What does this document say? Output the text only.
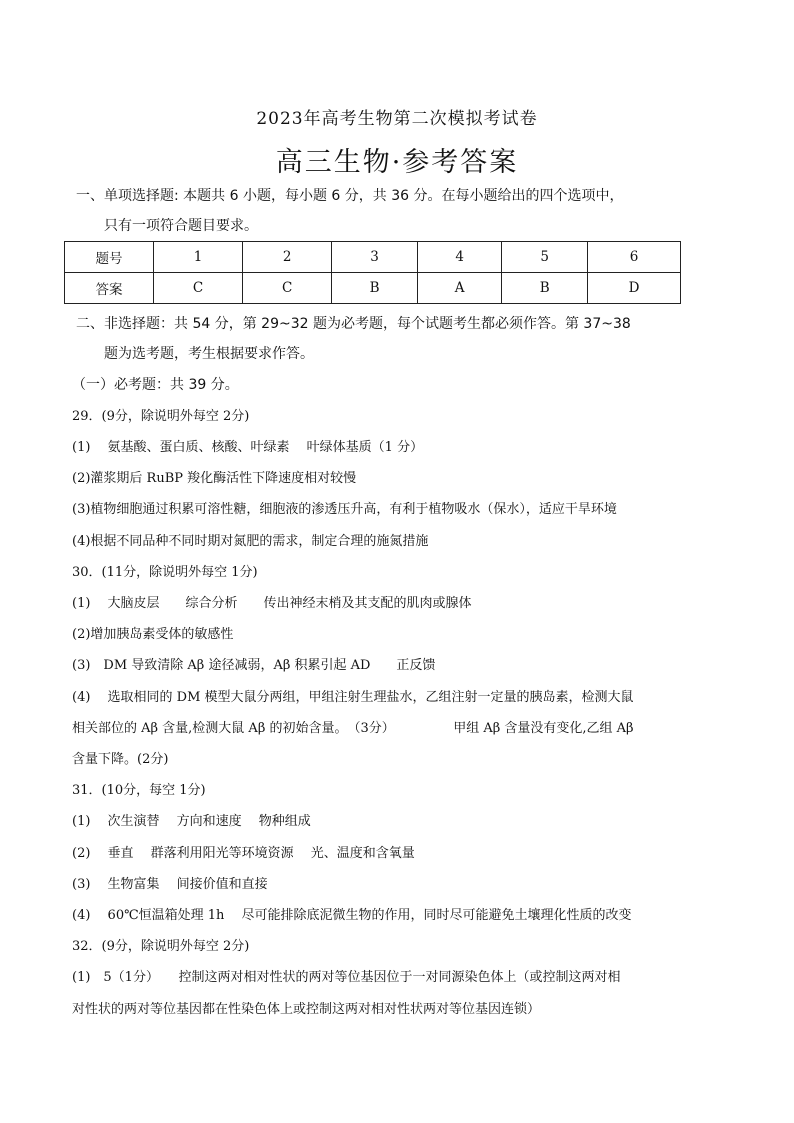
2023年高考生物第二次模拟考试卷
高三生物·参考答案
一、单项选择题: 本题共 6 小题，每小题 6 分，共 36 分。在每小题给出的四个选项中，
只有一项符合题目要求。
题号	1	2	3	4	5	6
答案	C	C	B	A	B	D
二、非选择题：共 54 分，第 29~32 题为必考题，每个试题考生都必须作答。第 37~38
题为选考题，考生根据要求作答。
（一）必考题：共 39 分。
29．(9分，除说明外每空 2分)
(1)　 氨基酸、蛋白质、核酸、叶绿素　 叶绿体基质（1 分）
(2)灌浆期后 RuBP 羧化酶活性下降速度相对较慢
(3)植物细胞通过积累可溶性糖，细胞液的渗透压升高，有利于植物吸水（保水），适应干旱环境
(4)根据不同品种不同时期对氮肥的需求，制定合理的施氮措施
30．(11分，除说明外每空 1分)
(1)　 大脑皮层　　综合分析　　传出神经末梢及其支配的肌肉或腺体
(2)增加胰岛素受体的敏感性
(3)　DM 导致清除 Aβ 途径减弱，Aβ 积累引起 AD　　正反馈
(4)　 选取相同的 DM 模型大鼠分两组，甲组注射生理盐水，乙组注射一定量的胰岛素，检测大鼠
相关部位的 Aβ 含量,检测大鼠 Aβ 的初始含量。　（3分）　　　　　甲组 Aβ 含量没有变化,乙组 Aβ
含量下降。(2分)
31．(10分，每空 1分)
(1)　 次生演替　 方向和速度　 物种组成
(2)　 垂直　 群落利用阳光等环境资源　 光、温度和含氧量
(3)　 生物富集　 间接价值和直接
(4)　 60℃恒温箱处理 1h　 尽可能排除底泥微生物的作用，同时尽可能避免土壤理化性质的改变
32．(9分，除说明外每空 2分)
(1)　5（1分）　　控制这两对相对性状的两对等位基因位于一对同源染色体上（或控制这两对相
对性状的两对等位基因都在性染色体上或控制这两对相对性状两对等位基因连锁）
